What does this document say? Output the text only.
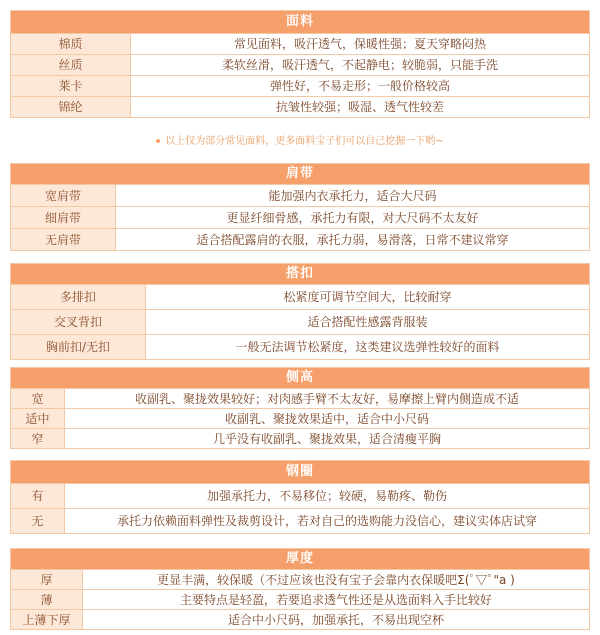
面料
棉质	常见面料，吸汗透气，保暖性强；夏天穿略闷热
丝质	柔软丝滑，吸汗透气，不起静电；较脆弱，只能手洗
莱卡	弹性好，不易走形；一般价格较高
锦纶	抗皱性较强；吸湿、透气性较差
以上仅为部分常见面料，更多面料宝子们可以自己挖掘一下哟~
肩带
宽肩带	能加强内衣承托力，适合大尺码
细肩带	更显纤细骨感，承托力有限，对大尺码不太友好
无肩带	适合搭配露肩的衣服，承托力弱，易滑落，日常不建议常穿
搭扣
多排扣	松紧度可调节空间大，比较耐穿
交叉背扣	适合搭配性感露背服装
胸前扣/无扣	一般无法调节松紧度，这类建议选弹性较好的面料
侧高
宽	收副乳、聚拢效果较好；对肉感手臂不太友好，易摩擦上臂内侧造成不适
适中	收副乳、聚拢效果适中，适合中小尺码
窄	几乎没有收副乳、聚拢效果，适合清瘦平胸
钢圈
有	加强承托力，不易移位；较硬，易勒疼、勒伤
无	承托力依赖面料弹性及裁剪设计，若对自己的选购能力没信心，建议实体店试穿
厚度
厚	更显丰满，较保暖（不过应该也没有宝子会靠内衣保暖吧Σ(ﾟ▽ﾟ"a )
薄	主要特点是轻盈，若要追求透气性还是从选面料入手比较好
上薄下厚	适合中小尺码，加强承托，不易出现空杯
